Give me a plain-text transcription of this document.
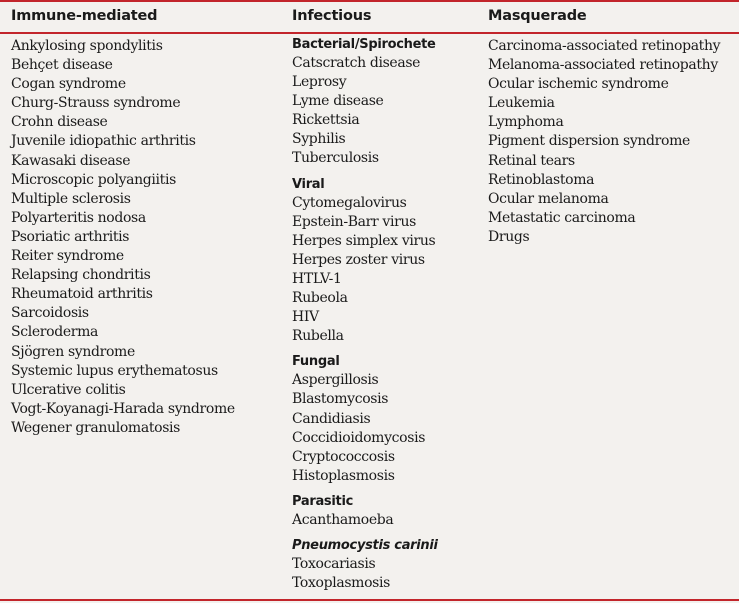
Immune-mediated	Infectious	Masquerade
Ankylosing spondylitis
Behçet disease
Cogan syndrome
Churg-Strauss syndrome
Crohn disease
Juvenile idiopathic arthritis
Kawasaki disease
Microscopic polyangiitis
Multiple sclerosis
Polyarteritis nodosa
Psoriatic arthritis
Reiter syndrome
Relapsing chondritis
Rheumatoid arthritis
Sarcoidosis
Scleroderma
Sjögren syndrome
Systemic lupus erythematosus
Ulcerative colitis
Vogt-Koyanagi-Harada syndrome
Wegener granulomatosis
Bacterial/Spirochete
Catscratch disease
Leprosy
Lyme disease
Rickettsia
Syphilis
Tuberculosis
Viral
Cytomegalovirus
Epstein-Barr virus
Herpes simplex virus
Herpes zoster virus
HTLV-1
Rubeola
HIV
Rubella
Fungal
Aspergillosis
Blastomycosis
Candidiasis
Coccidioidomycosis
Cryptococcosis
Histoplasmosis
Parasitic
Acanthamoeba
Pneumocystis carinii
Toxocariasis
Toxoplasmosis
Carcinoma-associated retinopathy
Melanoma-associated retinopathy
Ocular ischemic syndrome
Leukemia
Lymphoma
Pigment dispersion syndrome
Retinal tears
Retinoblastoma
Ocular melanoma
Metastatic carcinoma
Drugs
